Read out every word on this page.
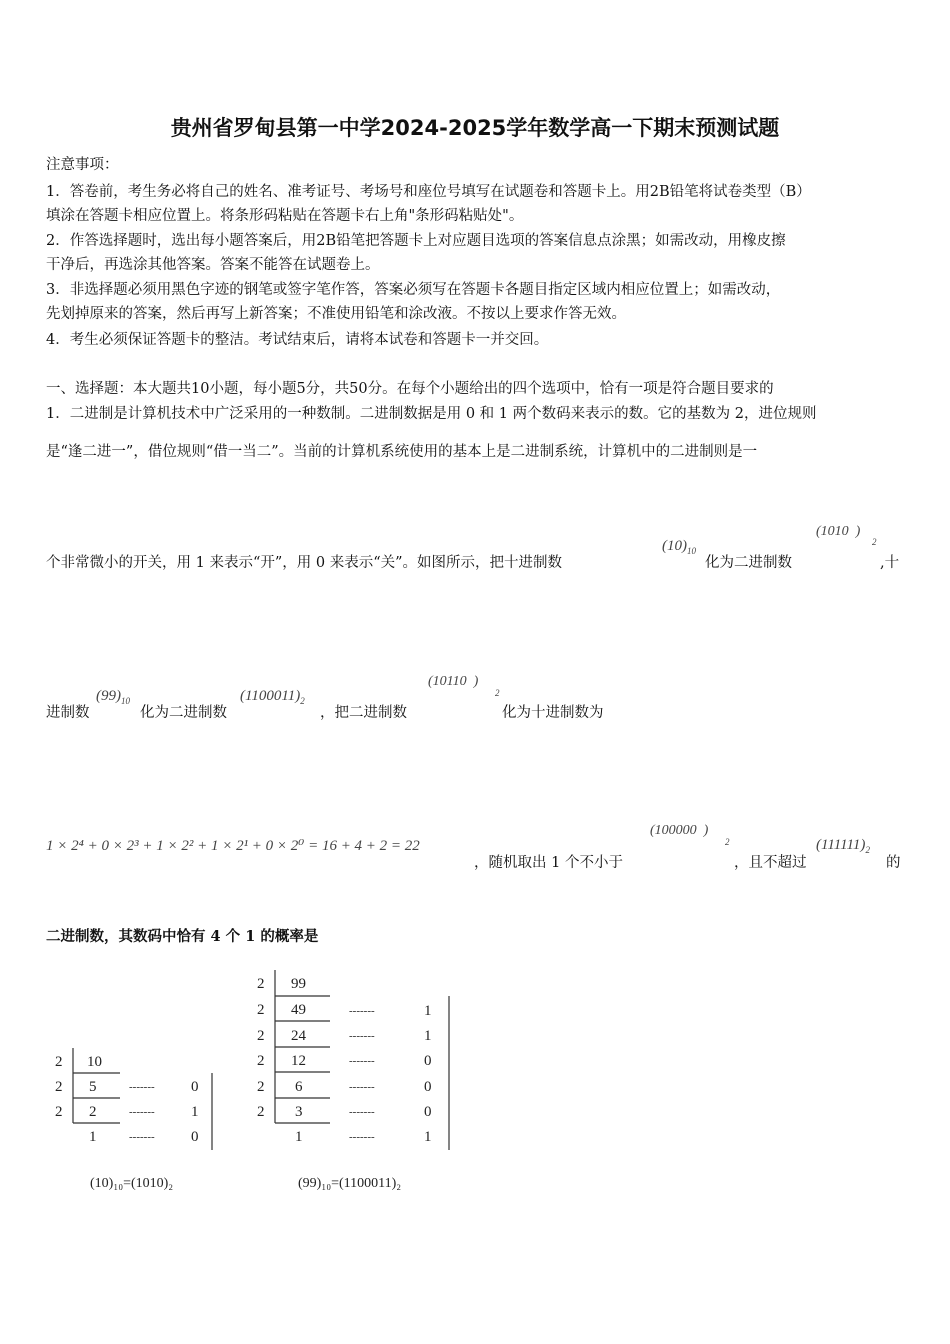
贵州省罗甸县第一中学2024-2025学年数学高一下期末预测试题
注意事项：
1．答卷前，考生务必将自己的姓名、准考证号、考场号和座位号填写在试题卷和答题卡上。用2B铅笔将试卷类型（B）
填涂在答题卡相应位置上。将条形码粘贴在答题卡右上角"条形码粘贴处"。
2．作答选择题时，选出每小题答案后，用2B铅笔把答题卡上对应题目选项的答案信息点涂黑；如需改动，用橡皮擦
干净后，再选涂其他答案。答案不能答在试题卷上。
3．非选择题必须用黑色字迹的钢笔或签字笔作答，答案必须写在答题卡各题目指定区域内相应位置上；如需改动，
先划掉原来的答案，然后再写上新答案；不准使用铅笔和涂改液。不按以上要求作答无效。
4．考生必须保证答题卡的整洁。考试结束后，请将本试卷和答题卡一并交回。
一、选择题：本大题共10小题，每小题5分，共50分。在每个小题给出的四个选项中，恰有一项是符合题目要求的
1．二进制是计算机技术中广泛采用的一种数制。二进制数据是用 0 和 1 两个数码来表示的数。它的基数为 2，进位规则
是“逢二进一”，借位规则“借一当二”。当前的计算机系统使用的基本上是二进制系统，计算机中的二进制则是一
个非常微小的开关，用 1 来表示“开”，用 0 来表示“关”。如图所示，把十进制数
$(10)_{10}$
化为二进制数
(1010 )
2
,十
进制数
$(99)_{10}$
化为二进制数
$(1100011)_2$
，把二进制数
(10110 )
2
化为十进制数为
1 × 2⁴ + 0 × 2³ + 1 × 2² + 1 × 2¹ + 0 × 2⁰ = 16 + 4 + 2 = 22
，随机取出 1 个不小于
(100000 )
2
，且不超过
$(111111)_2$
的
二进制数，其数码中恰有 4 个 1 的概率是
2
2
2
10
5
2
1
-------
-------
-------
0
1
0
(10)₁₀=(1010)₂
2
2
2
2
2
2
99
49
24
12
6
3
1
-------
-------
-------
-------
-------
-------
1
1
0
0
0
1
(99)₁₀=(1100011)₂
